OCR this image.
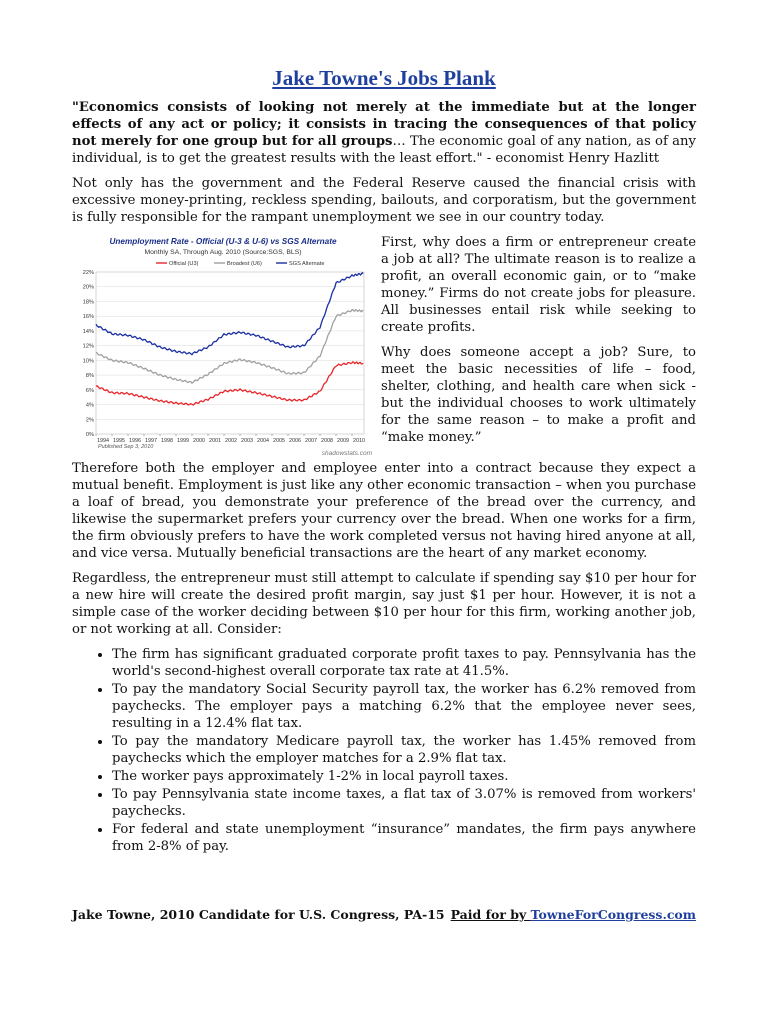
Jake Towne's Jobs Plank

"Economics consists of looking not merely at the immediate but at the longer effects of any act or policy; it consists in tracing the consequences of that policy not merely for one group but for all groups… The economic goal of any nation, as of any individual, is to get the greatest results with the least effort." - economist Henry Hazlitt

Not only has the government and the Federal Reserve caused the financial crisis with excessive money-printing, reckless spending, bailouts, and corporatism, but the government is fully responsible for the rampant unemployment we see in our country today.

Unemployment Rate - Official (U-3 & U-6) vs SGS Alternate
Monthly SA, Through Aug. 2010 (Source:SGS, BLS)
Official (U3)	Broadest (U6)	SGS Alternate
0%
2%
4%
6%
8%
10%
12%
14%
16%
18%
20%
22%
1994 1995 1996 1997 1998 1999 2000 2001 2002 2003 2004 2005 2006 2007 2008 2009 2010
Published Sep 3, 2010
shadowstats.com

First, why does a firm or entrepreneur create a job at all? The ultimate reason is to realize a profit, an overall economic gain, or to “make money.” Firms do not create jobs for pleasure. All businesses entail risk while seeking to create profits.

Why does someone accept a job? Sure, to meet the basic necessities of life – food, shelter, clothing, and health care when sick - but the individual chooses to work ultimately for the same reason – to make a profit and “make money.”

Therefore both the employer and employee enter into a contract because they expect a mutual benefit. Employment is just like any other economic transaction – when you purchase a loaf of bread, you demonstrate your preference of the bread over the currency, and likewise the supermarket prefers your currency over the bread. When one works for a firm, the firm obviously prefers to have the work completed versus not having hired anyone at all, and vice versa. Mutually beneficial transactions are the heart of any market economy.

Regardless, the entrepreneur must still attempt to calculate if spending say $10 per hour for a new hire will create the desired profit margin, say just $1 per hour. However, it is not a simple case of the worker deciding between $10 per hour for this firm, working another job, or not working at all. Consider:

• The firm has significant graduated corporate profit taxes to pay. Pennsylvania has the world's second-highest overall corporate tax rate at 41.5%.
• To pay the mandatory Social Security payroll tax, the worker has 6.2% removed from paychecks. The employer pays a matching 6.2% that the employee never sees, resulting in a 12.4% flat tax.
• To pay the mandatory Medicare payroll tax, the worker has 1.45% removed from paychecks which the employer matches for a 2.9% flat tax.
• The worker pays approximately 1-2% in local payroll taxes.
• To pay Pennsylvania state income taxes, a flat tax of 3.07% is removed from workers' paychecks.
• For federal and state unemployment “insurance” mandates, the firm pays anywhere from 2-8% of pay.
Jake Towne, 2010 Candidate for U.S. Congress, PA-15 Paid for by TowneForCongress.com
